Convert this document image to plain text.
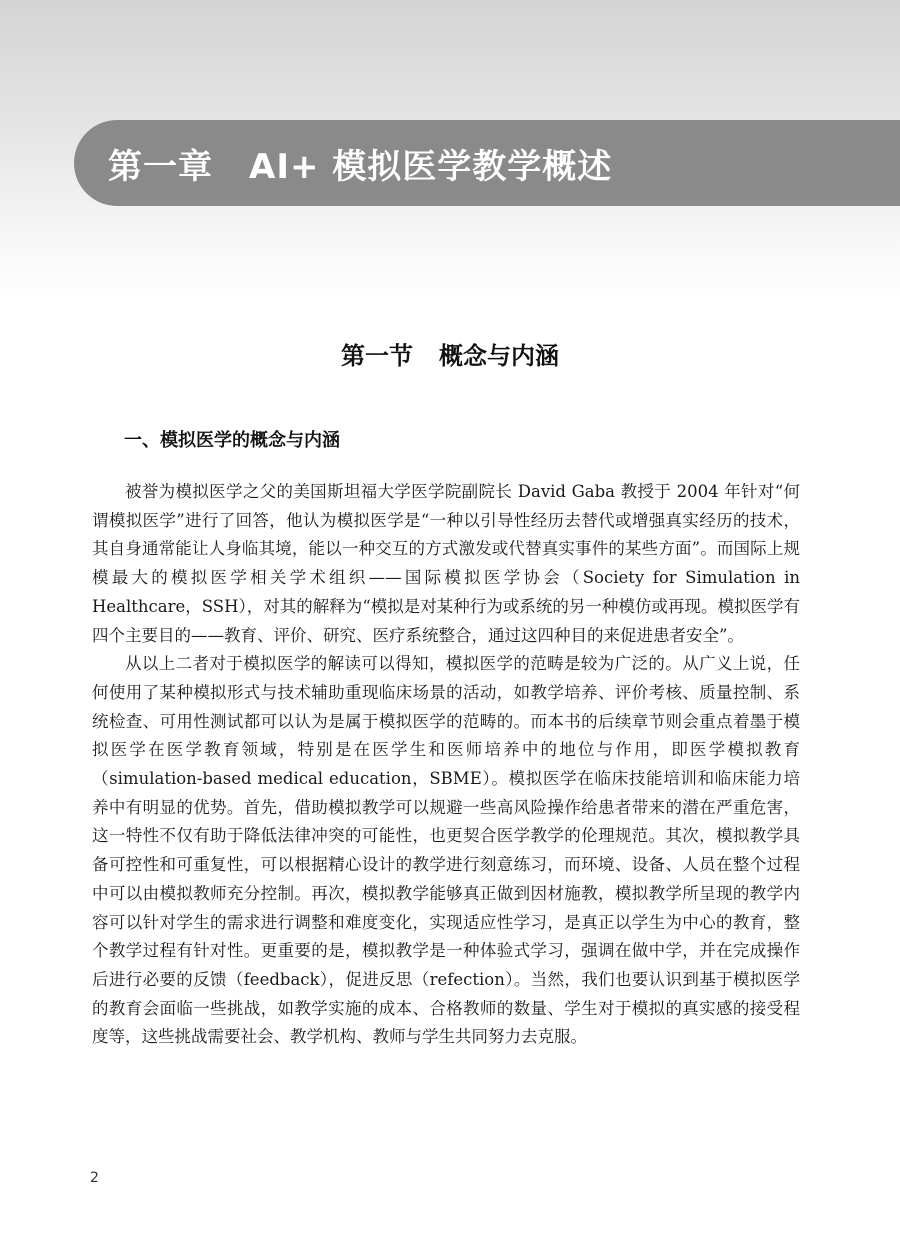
第一章 AI+ 模拟医学教学概述
第一节 概念与内涵
一、模拟医学的概念与内涵

被誉为模拟医学之父的美国斯坦福大学医学院副院长 David Gaba 教授于 2004 年针对“何谓模拟医学”进行了回答，他认为模拟医学是“一种以引导性经历去替代或增强真实经历的技术，其自身通常能让人身临其境，能以一种交互的方式激发或代替真实事件的某些方面”。而国际上规模最大的模拟医学相关学术组织——国际模拟医学协会（Society for Simulation in Healthcare，SSH），对其的解释为“模拟是对某种行为或系统的另一种模仿或再现。模拟医学有四个主要目的——教育、评价、研究、医疗系统整合，通过这四种目的来促进患者安全”。

从以上二者对于模拟医学的解读可以得知，模拟医学的范畴是较为广泛的。从广义上说，任何使用了某种模拟形式与技术辅助重现临床场景的活动，如教学培养、评价考核、质量控制、系统检查、可用性测试都可以认为是属于模拟医学的范畴的。而本书的后续章节则会重点着墨于模拟医学在医学教育领域，特别是在医学生和医师培养中的地位与作用，即医学模拟教育（simulation-based medical education，SBME）。模拟医学在临床技能培训和临床能力培养中有明显的优势。首先，借助模拟教学可以规避一些高风险操作给患者带来的潜在严重危害，这一特性不仅有助于降低法律冲突的可能性，也更契合医学教学的伦理规范。其次，模拟教学具备可控性和可重复性，可以根据精心设计的教学进行刻意练习，而环境、设备、人员在整个过程中可以由模拟教师充分控制。再次，模拟教学能够真正做到因材施教，模拟教学所呈现的教学内容可以针对学生的需求进行调整和难度变化，实现适应性学习，是真正以学生为中心的教育，整个教学过程有针对性。更重要的是，模拟教学是一种体验式学习，强调在做中学，并在完成操作后进行必要的反馈（feedback），促进反思（refection）。当然，我们也要认识到基于模拟医学的教育会面临一些挑战，如教学实施的成本、合格教师的数量、学生对于模拟的真实感的接受程度等，这些挑战需要社会、教学机构、教师与学生共同努力去克服。

2
